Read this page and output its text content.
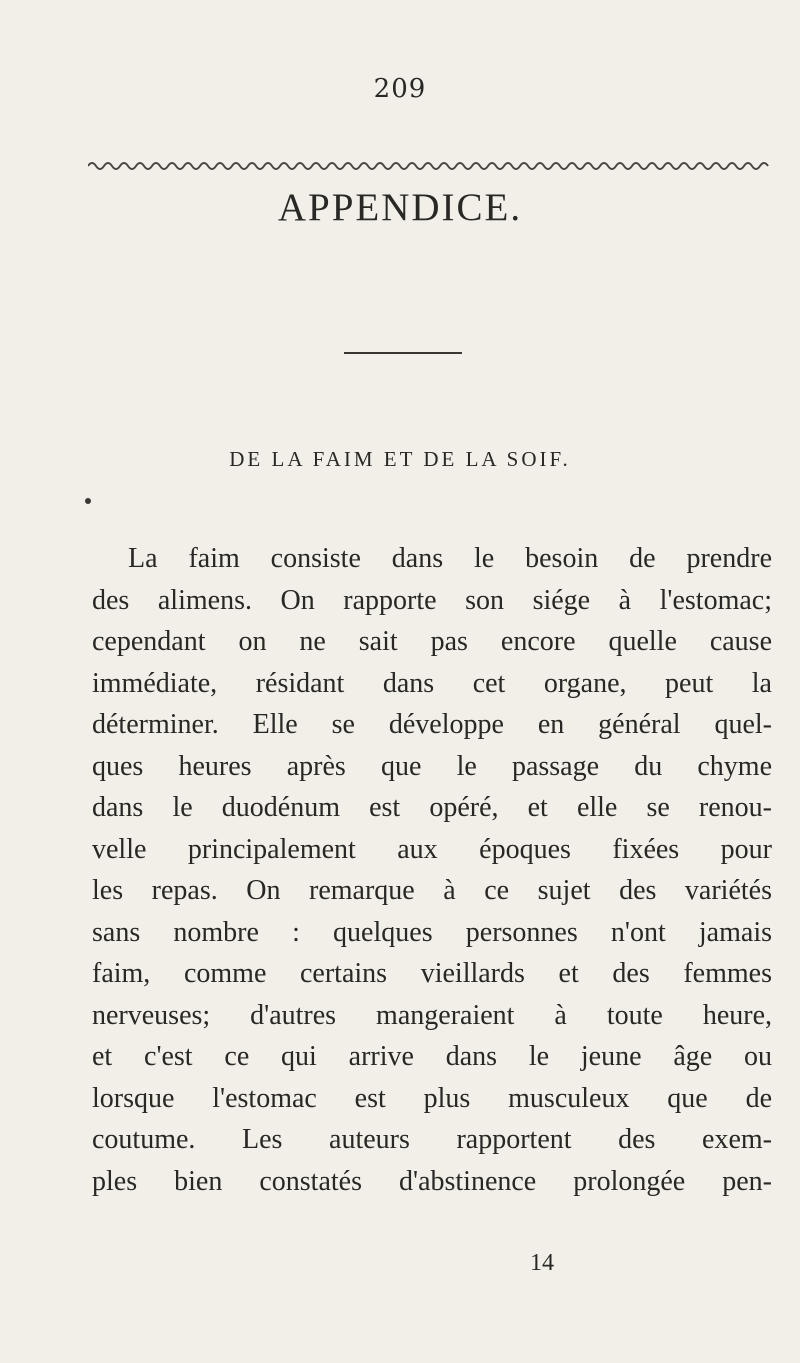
209
APPENDICE.
DE LA FAIM ET DE LA SOIF.

La faim consiste dans le besoin de prendre
des alimens. On rapporte son siége à l'estomac;
cependant on ne sait pas encore quelle cause
immédiate, résidant dans cet organe, peut la
déterminer. Elle se développe en général quel-
ques heures après que le passage du chyme
dans le duodénum est opéré, et elle se renou-
velle principalement aux époques fixées pour
les repas. On remarque à ce sujet des variétés
sans nombre : quelques personnes n'ont jamais
faim, comme certains vieillards et des femmes
nerveuses; d'autres mangeraient à toute heure,
et c'est ce qui arrive dans le jeune âge ou
lorsque l'estomac est plus musculeux que de
coutume. Les auteurs rapportent des exem-
ples bien constatés d'abstinence prolongée pen-

14
